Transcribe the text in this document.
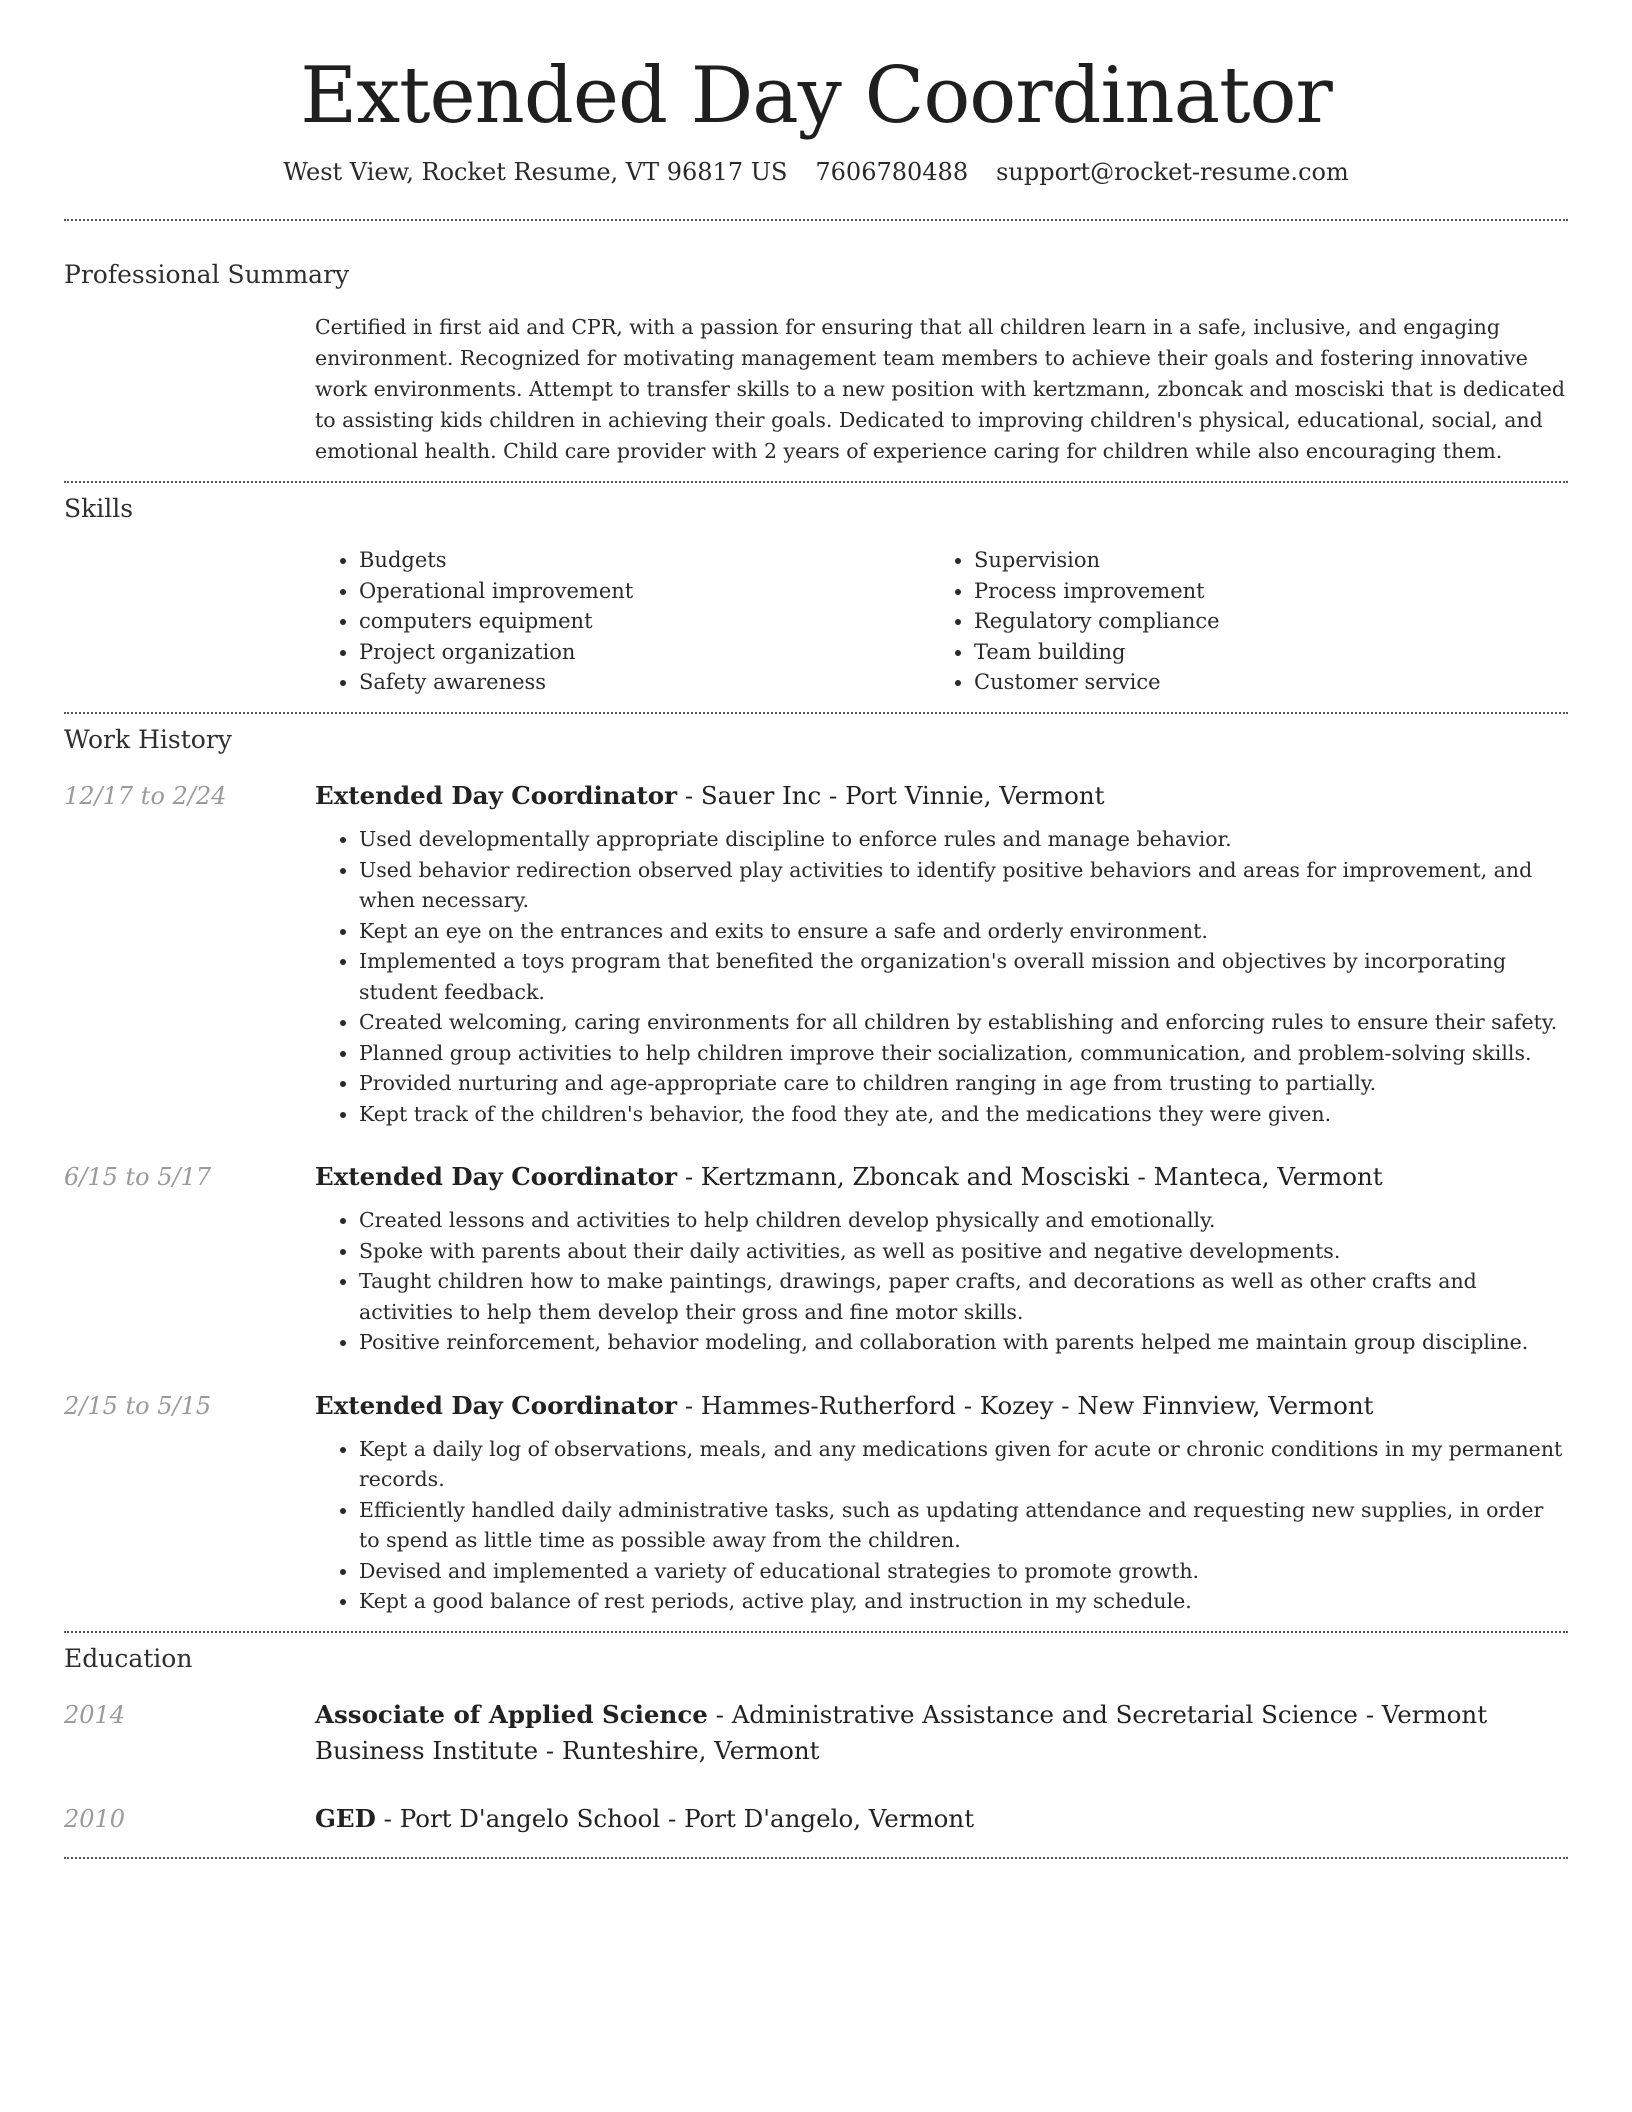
Extended Day Coordinator
West View, Rocket Resume, VT 96817 US 7606780488 support@rocket-resume.com
Professional Summary

Certified in first aid and CPR, with a passion for ensuring that all children learn in a safe, inclusive, and engaging environment. Recognized for motivating management team members to achieve their goals and fostering innovative work environments. Attempt to transfer skills to a new position with kertzmann, zboncak and mosciski that is dedicated to assisting kids children in achieving their goals. Dedicated to improving children's physical, educational, social, and emotional health. Child care provider with 2 years of experience caring for children while also encouraging them.

Skills
• Budgets
• Operational improvement
• computers equipment
• Project organization
• Safety awareness
• Supervision
• Process improvement
• Regulatory compliance
• Team building
• Customer service
Work History
12/17 to 2/24	Extended Day Coordinator - Sauer Inc - Port Vinnie, Vermont
• Used developmentally appropriate discipline to enforce rules and manage behavior.
• Used behavior redirection observed play activities to identify positive behaviors and areas for improvement, and when necessary.
• Kept an eye on the entrances and exits to ensure a safe and orderly environment.
• Implemented a toys program that benefited the organization's overall mission and objectives by incorporating student feedback.
• Created welcoming, caring environments for all children by establishing and enforcing rules to ensure their safety.
• Planned group activities to help children improve their socialization, communication, and problem-solving skills.
• Provided nurturing and age-appropriate care to children ranging in age from trusting to partially.
• Kept track of the children's behavior, the food they ate, and the medications they were given.
6/15 to 5/17	Extended Day Coordinator - Kertzmann, Zboncak and Mosciski - Manteca, Vermont
• Created lessons and activities to help children develop physically and emotionally.
• Spoke with parents about their daily activities, as well as positive and negative developments.
• Taught children how to make paintings, drawings, paper crafts, and decorations as well as other crafts and activities to help them develop their gross and fine motor skills.
• Positive reinforcement, behavior modeling, and collaboration with parents helped me maintain group discipline.
2/15 to 5/15	Extended Day Coordinator - Hammes-Rutherford - Kozey - New Finnview, Vermont
• Kept a daily log of observations, meals, and any medications given for acute or chronic conditions in my permanent records.
• Efficiently handled daily administrative tasks, such as updating attendance and requesting new supplies, in order to spend as little time as possible away from the children.
• Devised and implemented a variety of educational strategies to promote growth.
• Kept a good balance of rest periods, active play, and instruction in my schedule.
Education
2014	Associate of Applied Science - Administrative Assistance and Secretarial Science - Vermont Business Institute - Runteshire, Vermont
2010	GED - Port D'angelo School - Port D'angelo, Vermont
